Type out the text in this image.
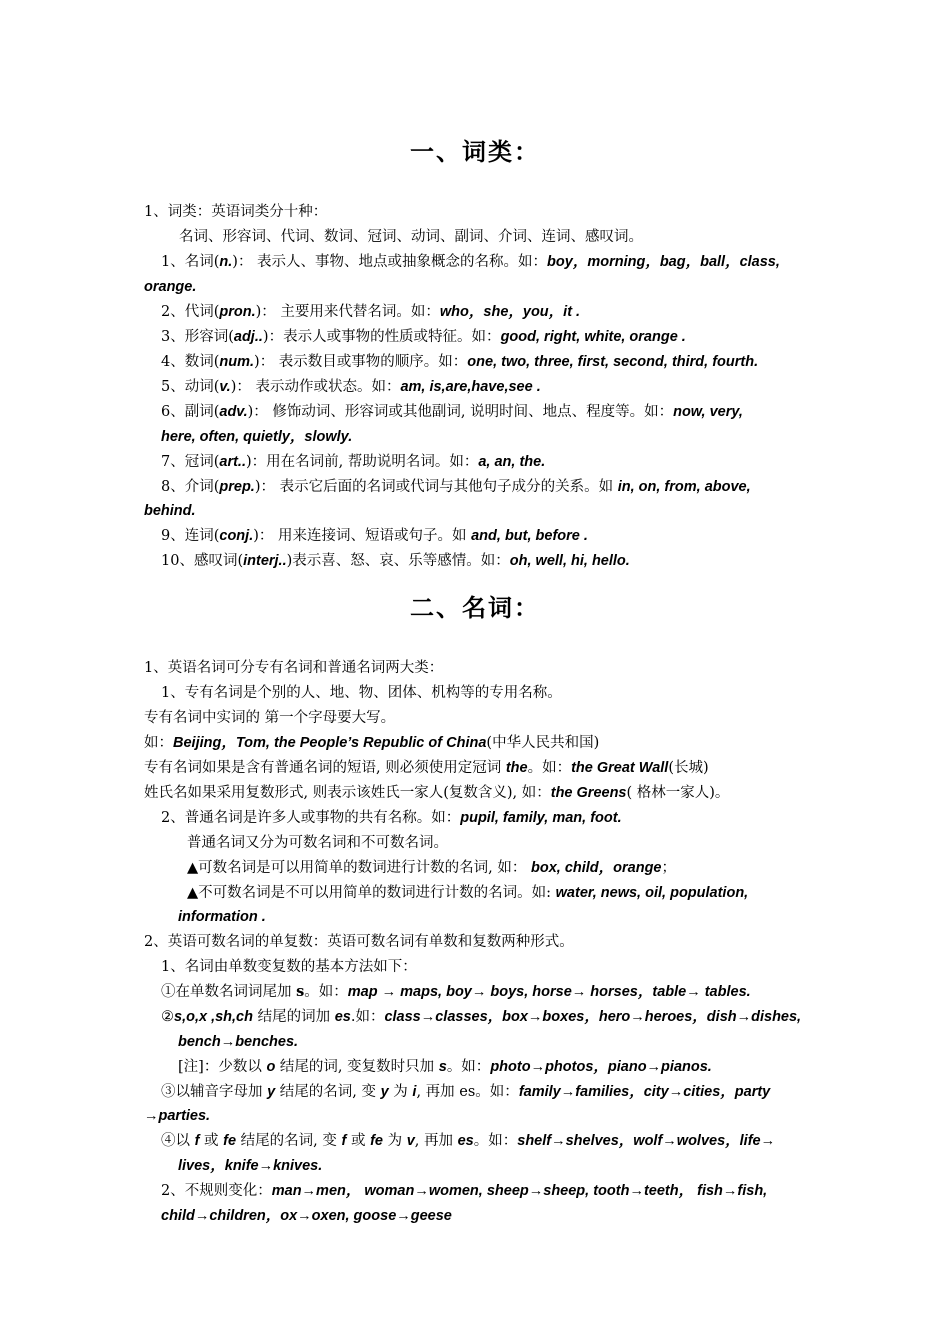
一、词类：
1、词类：英语词类分十种：
名词、形容词、代词、数词、冠词、动词、副词、介词、连词、感叹词。
1、名词(n.)： 表示人、事物、地点或抽象概念的名称。如：boy，morning，bag，ball，class,
orange.
2、代词(pron.)： 主要用来代替名词。如：who，she，you，it .
3、形容词(adj..)：表示人或事物的性质或特征。如：good, right, white, orange .
4、数词(num.)： 表示数目或事物的顺序。如：one, two, three, first, second, third, fourth.
5、动词(v.)： 表示动作或状态。如：am, is,are,have,see .
6、副词(adv.)： 修饰动词、形容词或其他副词, 说明时间、地点、程度等。如：now, very,
here, often, quietly，slowly.
7、冠词(art..)：用在名词前, 帮助说明名词。如：a, an, the.
8、介词(prep.)： 表示它后面的名词或代词与其他句子成分的关系。如 in, on, from, above,
behind.
9、连词(conj.)： 用来连接词、短语或句子。如 and, but, before .
10、感叹词(interj..)表示喜、怒、哀、乐等感情。如：oh, well, hi, hello.
二、名词：
1、英语名词可分专有名词和普通名词两大类：
1、专有名词是个别的人、地、物、团体、机构等的专用名称。
专有名词中实词的 第一个字母要大写。
如：Beijing，Tom, the People’s Republic of China(中华人民共和国)
专有名词如果是含有普通名词的短语, 则必须使用定冠词 the。如：the Great Wall(长城)
姓氏名如果采用复数形式, 则表示该姓氏一家人(复数含义), 如：the Greens( 格林一家人)。
2、普通名词是许多人或事物的共有名称。如：pupil, family, man, foot.
普通名词又分为可数名词和不可数名词。
▲可数名词是可以用简单的数词进行计数的名词, 如： box, child，orange；
▲不可数名词是不可以用简单的数词进行计数的名词。如: water, news, oil, population,
information .
2、英语可数名词的单复数：英语可数名词有单数和复数两种形式。
1、名词由单数变复数的基本方法如下：
①在单数名词词尾加 s。如：map → maps, boy→ boys, horse→ horses，table→ tables.
②s,o,x ,sh,ch 结尾的词加 es.如：class→classes，box→boxes，hero→heroes，dish→dishes,
bench→benches.
[注]：少数以 o 结尾的词, 变复数时只加 s。如：photo→photos，piano→pianos.
③以辅音字母加 y 结尾的名词, 变 y 为 i, 再加 es。如：family→families，city→cities，party
→parties.
④以 f 或 fe 结尾的名词, 变 f 或 fe 为 v, 再加 es。如：shelf→shelves，wolf→wolves，life→
lives，knife→knives.
2、不规则变化：man→men， woman→women, sheep→sheep, tooth→teeth， fish→fish,
child→children，ox→oxen, goose→geese
